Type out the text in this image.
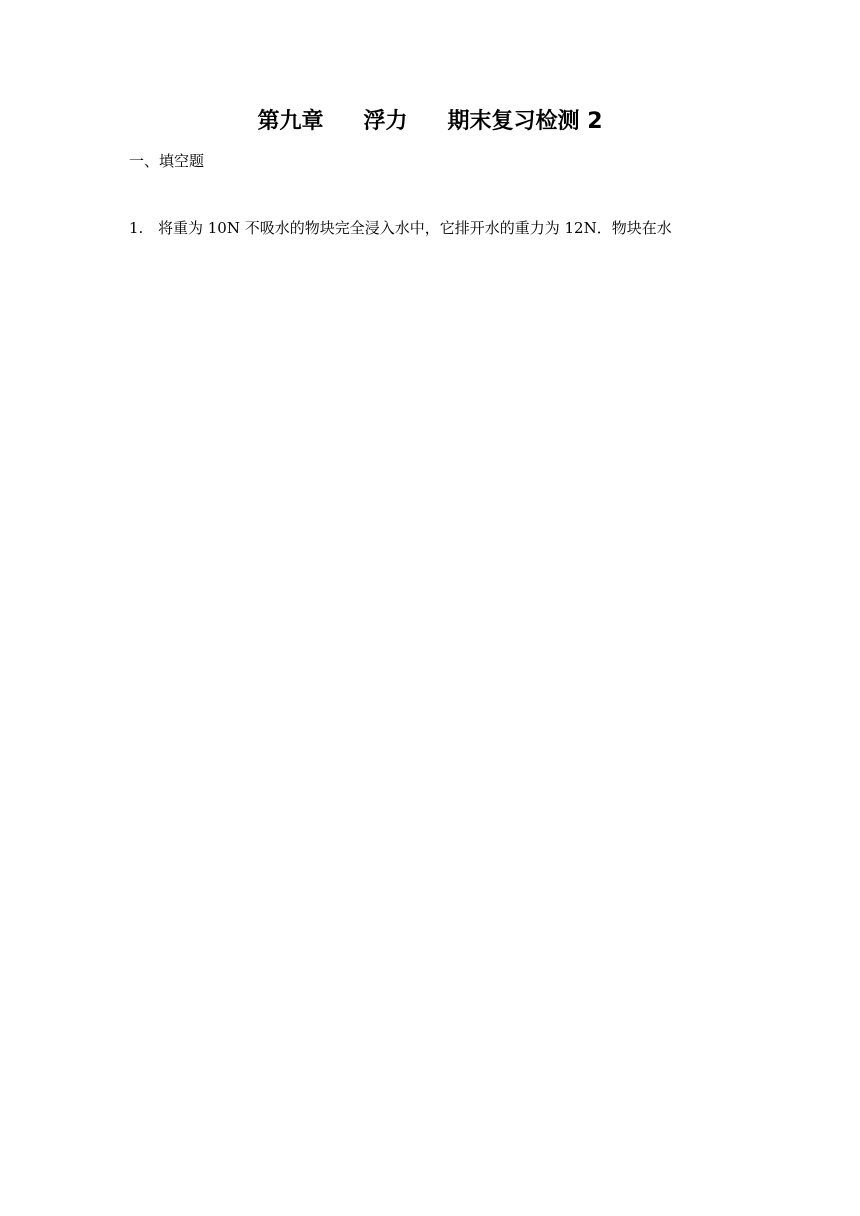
第九章 浮力 期末复习检测 2
一、填空题
1. 将重为 10N 不吸水的物块完全浸入水中，它排开水的重力为 12N．物块在水
